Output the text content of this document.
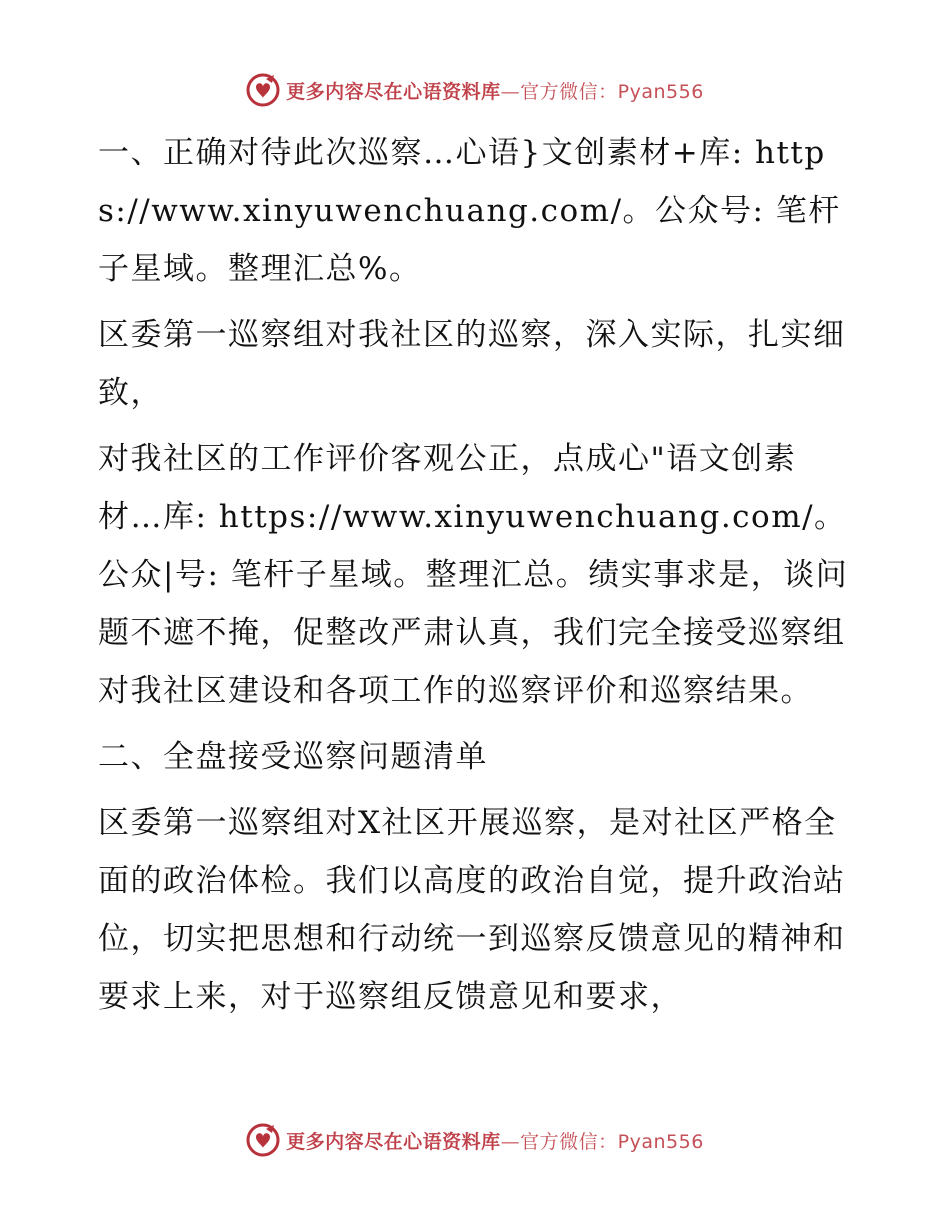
更多内容尽在心语资料库—官方微信：Pyan556

一、正确对待此次巡察…心语}文创素材+库: https://www.xinyuwenchuang.com/。公众号: 笔杆子星域。整理汇总%。

区委第一巡察组对我社区的巡察，深入实际，扎实细致，

对我社区的工作评价客观公正，点成心"语文创素材…库: https://www.xinyuwenchuang.com/。公众|号: 笔杆子星域。整理汇总。绩实事求是，谈问题不遮不掩，促整改严肃认真，我们完全接受巡察组对我社区建设和各项工作的巡察评价和巡察结果。

二、全盘接受巡察问题清单

区委第一巡察组对X社区开展巡察，是对社区严格全面的政治体检。我们以高度的政治自觉，提升政治站位，切实把思想和行动统一到巡察反馈意见的精神和要求上来，对于巡察组反馈意见和要求，

更多内容尽在心语资料库—官方微信：Pyan556
